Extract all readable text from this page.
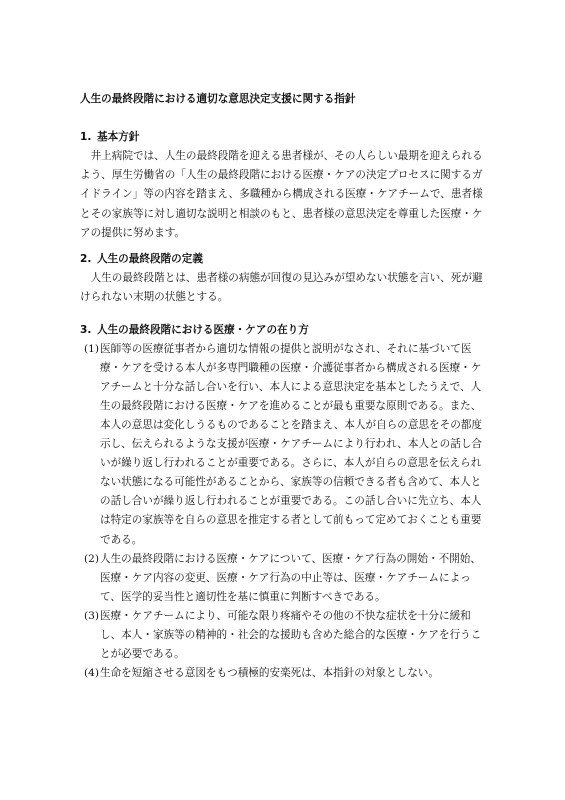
人生の最終段階における適切な意思決定支援に関する指針
1. 基本方針
井上病院では、人生の最終段階を迎える患者様が、その人らしい最期を迎えられる
よう、厚生労働省の「人生の最終段階における医療・ケアの決定プロセスに関するガ
イドライン」等の内容を踏まえ、多職種から構成される医療・ケアチームで、患者様
とその家族等に対し適切な説明と相談のもと、患者様の意思決定を尊重した医療・ケ
アの提供に努めます。
2. 人生の最終段階の定義
人生の最終段階とは、患者様の病態が回復の見込みが望めない状態を言い、死が避
けられない末期の状態とする。
3. 人生の最終段階における医療・ケアの在り方
(1) 医師等の医療従事者から適切な情報の提供と説明がなされ、それに基づいて医
療・ケアを受ける本人が多専門職種の医療・介護従事者から構成される医療・ケ
アチームと十分な話し合いを行い、本人による意思決定を基本としたうえで、人
生の最終段階における医療・ケアを進めることが最も重要な原則である。また、
本人の意思は変化しうるものであることを踏まえ、本人が自らの意思をその都度
示し、伝えられるような支援が医療・ケアチームにより行われ、本人との話し合
いが繰り返し行われることが重要である。さらに、本人が自らの意思を伝えられ
ない状態になる可能性があることから、家族等の信頼できる者も含めて、本人と
の話し合いが繰り返し行われることが重要である。この話し合いに先立ち、本人
は特定の家族等を自らの意思を推定する者として前もって定めておくことも重要
である。
(2) 人生の最終段階における医療・ケアについて、医療・ケア行為の開始・不開始、
医療・ケア内容の変更、医療・ケア行為の中止等は、医療・ケアチームによっ
て、医学的妥当性と適切性を基に慎重に判断すべきである。
(3) 医療・ケアチームにより、可能な限り疼痛やその他の不快な症状を十分に緩和
し、本人・家族等の精神的・社会的な援助も含めた総合的な医療・ケアを行うこ
とが必要である。
(4) 生命を短縮させる意図をもつ積極的安楽死は、本指針の対象としない。
